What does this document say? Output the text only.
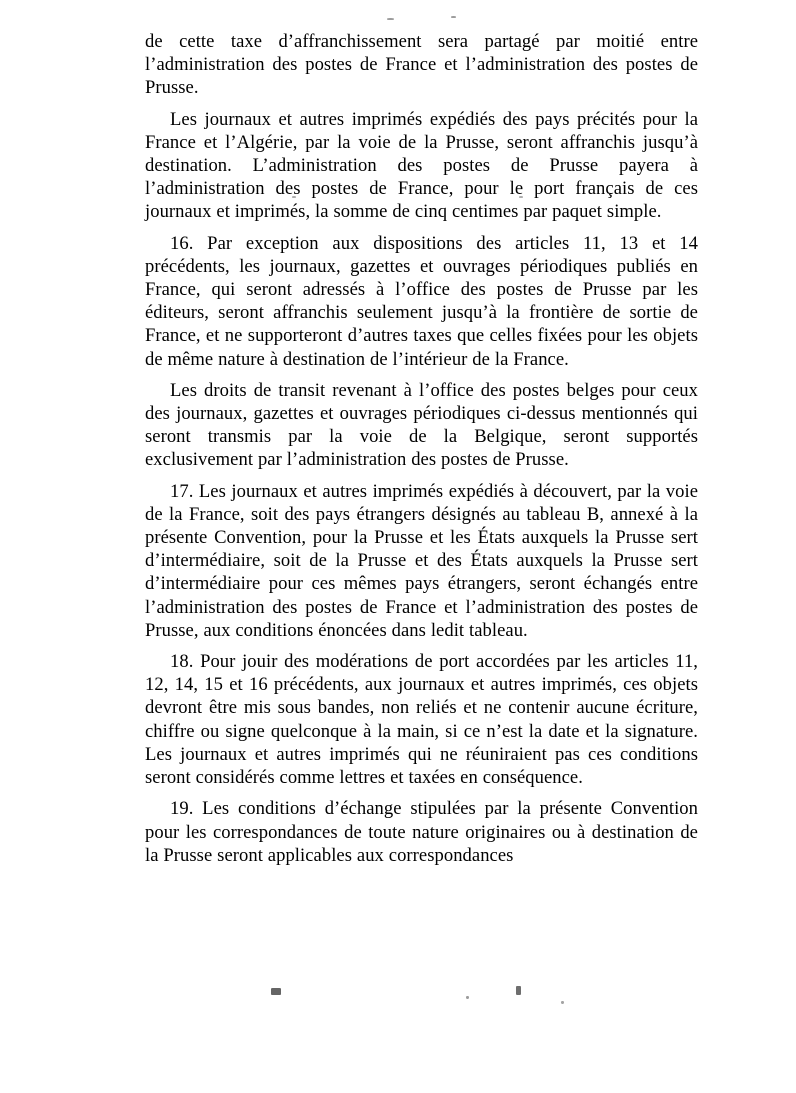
de cette taxe d’affranchissement sera partagé par moitié entre l’administration des postes de France et l’administration des postes de Prusse.

Les journaux et autres imprimés expédiés des pays précités pour la France et l’Algérie, par la voie de la Prusse, seront affranchis jusqu’à destination. L’administration des postes de Prusse payera à l’administration des postes de France, pour le port français de ces journaux et imprimés, la somme de cinq centimes par paquet simple.

16. Par exception aux dispositions des articles 11, 13 et 14 précédents, les journaux, gazettes et ouvrages périodiques publiés en France, qui seront adressés à l’office des postes de Prusse par les éditeurs, seront affranchis seulement jusqu’à la frontière de sortie de France, et ne supporteront d’autres taxes que celles fixées pour les objets de même nature à destination de l’intérieur de la France.

Les droits de transit revenant à l’office des postes belges pour ceux des journaux, gazettes et ouvrages périodiques ci-dessus mentionnés qui seront transmis par la voie de la Belgique, seront supportés exclusivement par l’administration des postes de Prusse.

17. Les journaux et autres imprimés expédiés à découvert, par la voie de la France, soit des pays étrangers désignés au tableau B, annexé à la présente Convention, pour la Prusse et les États auxquels la Prusse sert d’intermédiaire, soit de la Prusse et des États auxquels la Prusse sert d’intermédiaire pour ces mêmes pays étrangers, seront échangés entre l’administration des postes de France et l’administration des postes de Prusse, aux conditions énoncées dans ledit tableau.

18. Pour jouir des modérations de port accordées par les articles 11, 12, 14, 15 et 16 précédents, aux journaux et autres imprimés, ces objets devront être mis sous bandes, non reliés et ne contenir aucune écriture, chiffre ou signe quelconque à la main, si ce n’est la date et la signature. Les journaux et autres imprimés qui ne réuniraient pas ces conditions seront considérés comme lettres et taxées en conséquence.

19. Les conditions d’échange stipulées par la présente Convention pour les correspondances de toute nature originaires ou à destination de la Prusse seront applicables aux correspondances
